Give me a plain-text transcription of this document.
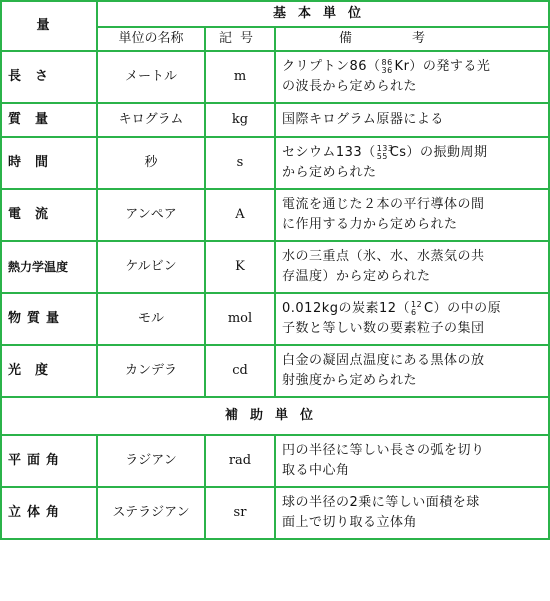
量	基本単位		
	単位の名称	記号	備考
長さ	メートル	m	クリプトン86（ 86
36 Kr）の発する光
の波長から定められた
質量	キログラム	kg	国際キログラム原器による
時間	秒	s	セシウム133（ 133
55 Cs）の振動周期
から定められた
電流	アンペア	A	電流を通じた２本の平行導体の間
に作用する力から定められた
熱力学温度	ケルビン	K	水の三重点（氷、水、水蒸気の共
存温度）から定められた
物質量	モル	mol	0.012kgの炭素12（ 12
6 C）の中の原
子数と等しい数の要素粒子の集団
光度	カンデラ	cd	白金の凝固点温度にある黒体の放
射強度から定められた
補助単位			
平面角	ラジアン	rad	円の半径に等しい長さの弧を切り
取る中心角
立体角	ステラジアン	sr	球の半径の2乗に等しい面積を球
面上で切り取る立体角
